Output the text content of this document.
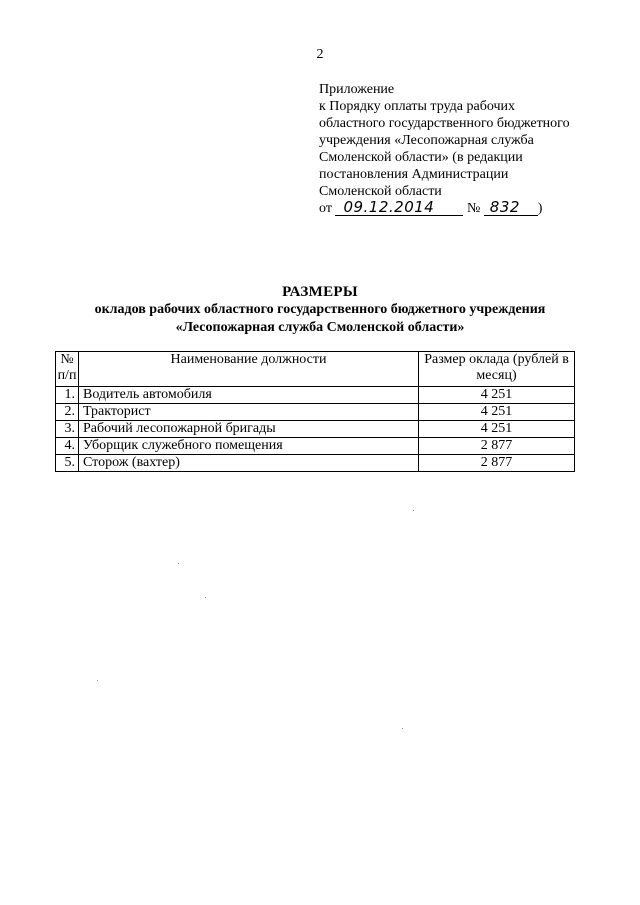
2
Приложение
к Порядку оплаты труда рабочих
областного государственного бюджетного
учреждения «Лесопожарная служба
Смоленской области» (в редакции
постановления Администрации
Смоленской области
от 09.12.2014 № 832 )
РАЗМЕРЫ
окладов рабочих областного государственного бюджетного учреждения
«Лесопожарная служба Смоленской области»
№ п/п	Наименование должности	Размер оклада (рублей в месяц)
1.	Водитель автомобиля	4 251
2.	Тракторист	4 251
3.	Рабочий лесопожарной бригады	4 251
4.	Уборщик служебного помещения	2 877
5.	Сторож (вахтер)	2 877
